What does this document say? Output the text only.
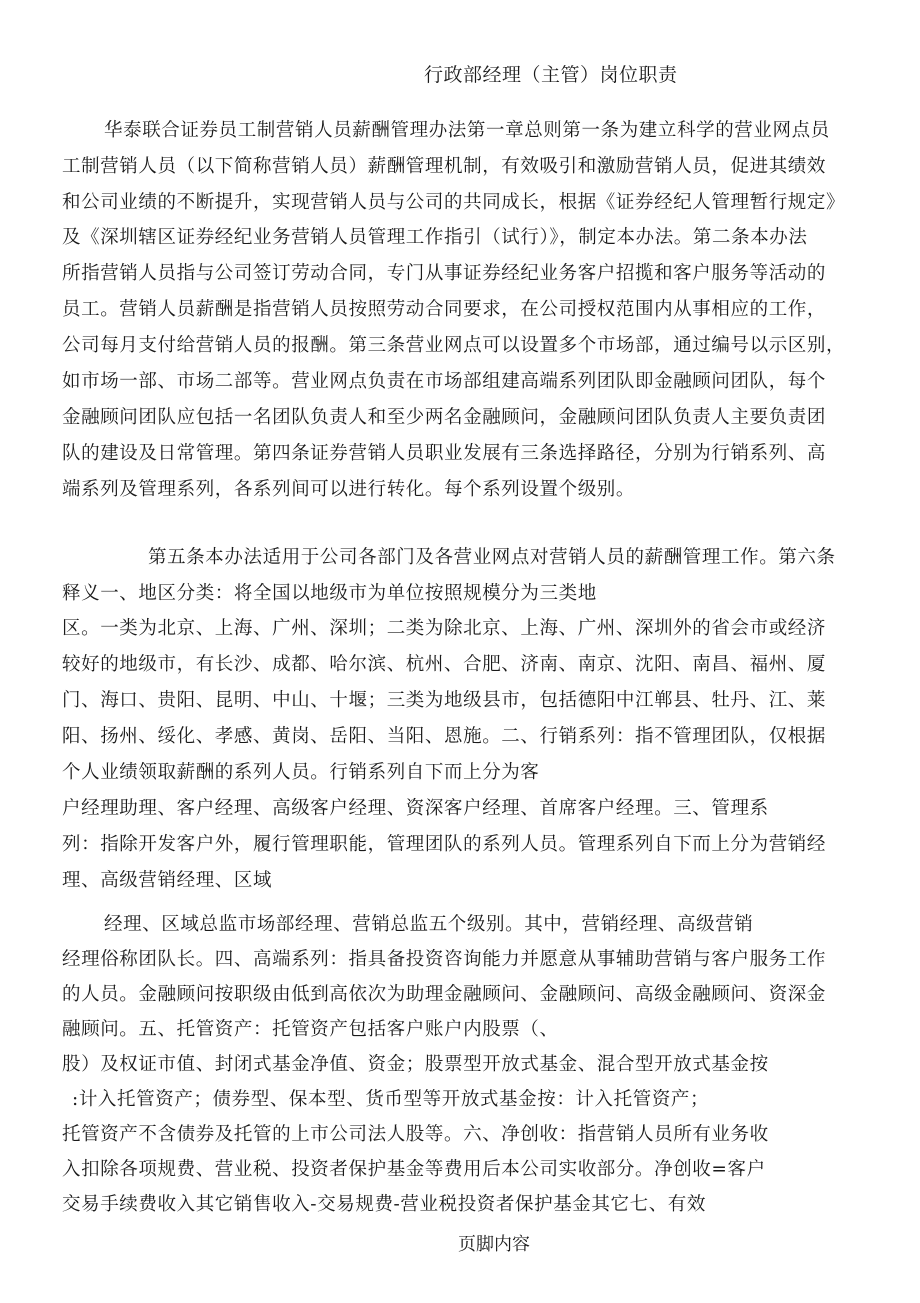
行政部经理（主管）岗位职责
华泰联合证券员工制营销人员薪酬管理办法第一章总则第一条为建立科学的营业网点员
工制营销人员（以下简称营销人员）薪酬管理机制，有效吸引和激励营销人员，促进其绩效
和公司业绩的不断提升，实现营销人员与公司的共同成长，根据《证券经纪人管理暂行规定》
及《深圳辖区证券经纪业务营销人员管理工作指引（试行）》，制定本办法。第二条本办法
所指营销人员指与公司签订劳动合同，专门从事证券经纪业务客户招揽和客户服务等活动的
员工。营销人员薪酬是指营销人员按照劳动合同要求，在公司授权范围内从事相应的工作，
公司每月支付给营销人员的报酬。第三条营业网点可以设置多个市场部，通过编号以示区别，
如市场一部、市场二部等。营业网点负责在市场部组建高端系列团队即金融顾问团队，每个
金融顾问团队应包括一名团队负责人和至少两名金融顾问，金融顾问团队负责人主要负责团
队的建设及日常管理。第四条证券营销人员职业发展有三条选择路径，分别为行销系列、高
端系列及管理系列，各系列间可以进行转化。每个系列设置个级别。
第五条本办法适用于公司各部门及各营业网点对营销人员的薪酬管理工作。第六条
释义一、地区分类：将全国以地级市为单位按照规模分为三类地
区。一类为北京、上海、广州、深圳；二类为除北京、上海、广州、深圳外的省会市或经济
较好的地级市，有长沙、成都、哈尔滨、杭州、合肥、济南、南京、沈阳、南昌、福州、厦
门、海口、贵阳、昆明、中山、十堰；三类为地级县市，包括德阳中江郸县、牡丹、江、莱
阳、扬州、绥化、孝感、黄岗、岳阳、当阳、恩施。二、行销系列：指不管理团队，仅根据
个人业绩领取薪酬的系列人员。行销系列自下而上分为客
户经理助理、客户经理、高级客户经理、资深客户经理、首席客户经理。三、管理系
列：指除开发客户外，履行管理职能，管理团队的系列人员。管理系列自下而上分为营销经
理、高级营销经理、区域
经理、区域总监市场部经理、营销总监五个级别。其中，营销经理、高级营销
经理俗称团队长。四、高端系列：指具备投资咨询能力并愿意从事辅助营销与客户服务工作
的人员。金融顾问按职级由低到高依次为助理金融顾问、金融顾问、高级金融顾问、资深金
融顾问。五、托管资产：托管资产包括客户账户内股票（、
股）及权证市值、封闭式基金净值、资金；股票型开放式基金、混合型开放式基金按
:计入托管资产；债券型、保本型、货币型等开放式基金按：计入托管资产；
托管资产不含债券及托管的上市公司法人股等。六、净创收：指营销人员所有业务收
入扣除各项规费、营业税、投资者保护基金等费用后本公司实收部分。净创收=客户
交易手续费收入其它销售收入-交易规费-营业税投资者保护基金其它七、有效
页脚内容
